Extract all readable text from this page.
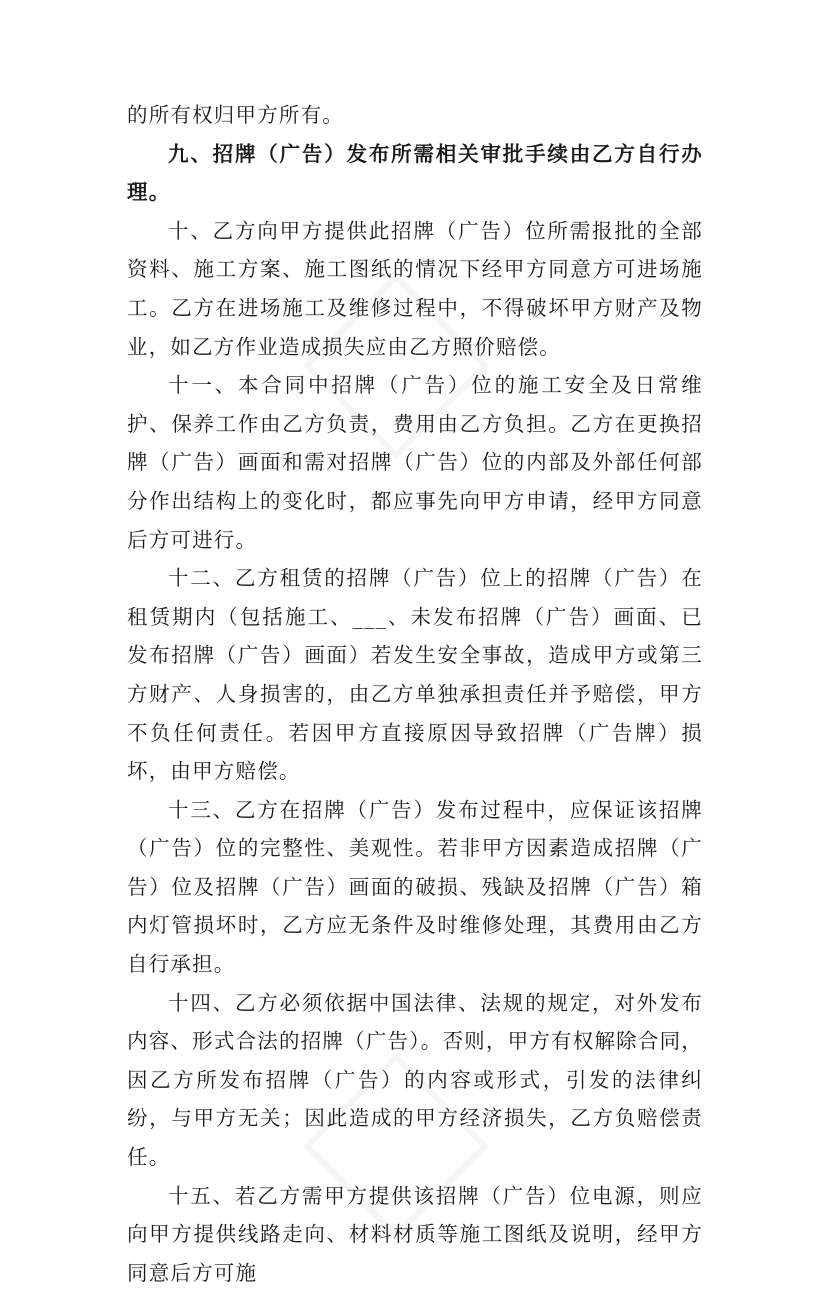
的所有权归甲方所有。

九、招牌（广告）发布所需相关审批手续由乙方自行办理。

十、乙方向甲方提供此招牌（广告）位所需报批的全部资料、施工方案、施工图纸的情况下经甲方同意方可进场施工。乙方在进场施工及维修过程中，不得破坏甲方财产及物业，如乙方作业造成损失应由乙方照价赔偿。

十一、本合同中招牌（广告）位的施工安全及日常维护、保养工作由乙方负责，费用由乙方负担。乙方在更换招牌（广告）画面和需对招牌（广告）位的内部及外部任何部分作出结构上的变化时，都应事先向甲方申请，经甲方同意后方可进行。

十二、乙方租赁的招牌（广告）位上的招牌（广告）在租赁期内（包括施工、___、未发布招牌（广告）画面、已发布招牌（广告）画面）若发生安全事故，造成甲方或第三方财产、人身损害的，由乙方单独承担责任并予赔偿，甲方不负任何责任。若因甲方直接原因导致招牌（广告牌）损坏，由甲方赔偿。

十三、乙方在招牌（广告）发布过程中，应保证该招牌（广告）位的完整性、美观性。若非甲方因素造成招牌（广告）位及招牌（广告）画面的破损、残缺及招牌（广告）箱内灯管损坏时，乙方应无条件及时维修处理，其费用由乙方自行承担。

十四、乙方必须依据中国法律、法规的规定，对外发布内容、形式合法的招牌（广告）。否则，甲方有权解除合同，因乙方所发布招牌（广告）的内容或形式，引发的法律纠纷，与甲方无关；因此造成的甲方经济损失，乙方负赔偿责任。

十五、若乙方需甲方提供该招牌（广告）位电源，则应向甲方提供线路走向、材料材质等施工图纸及说明，经甲方同意后方可施
